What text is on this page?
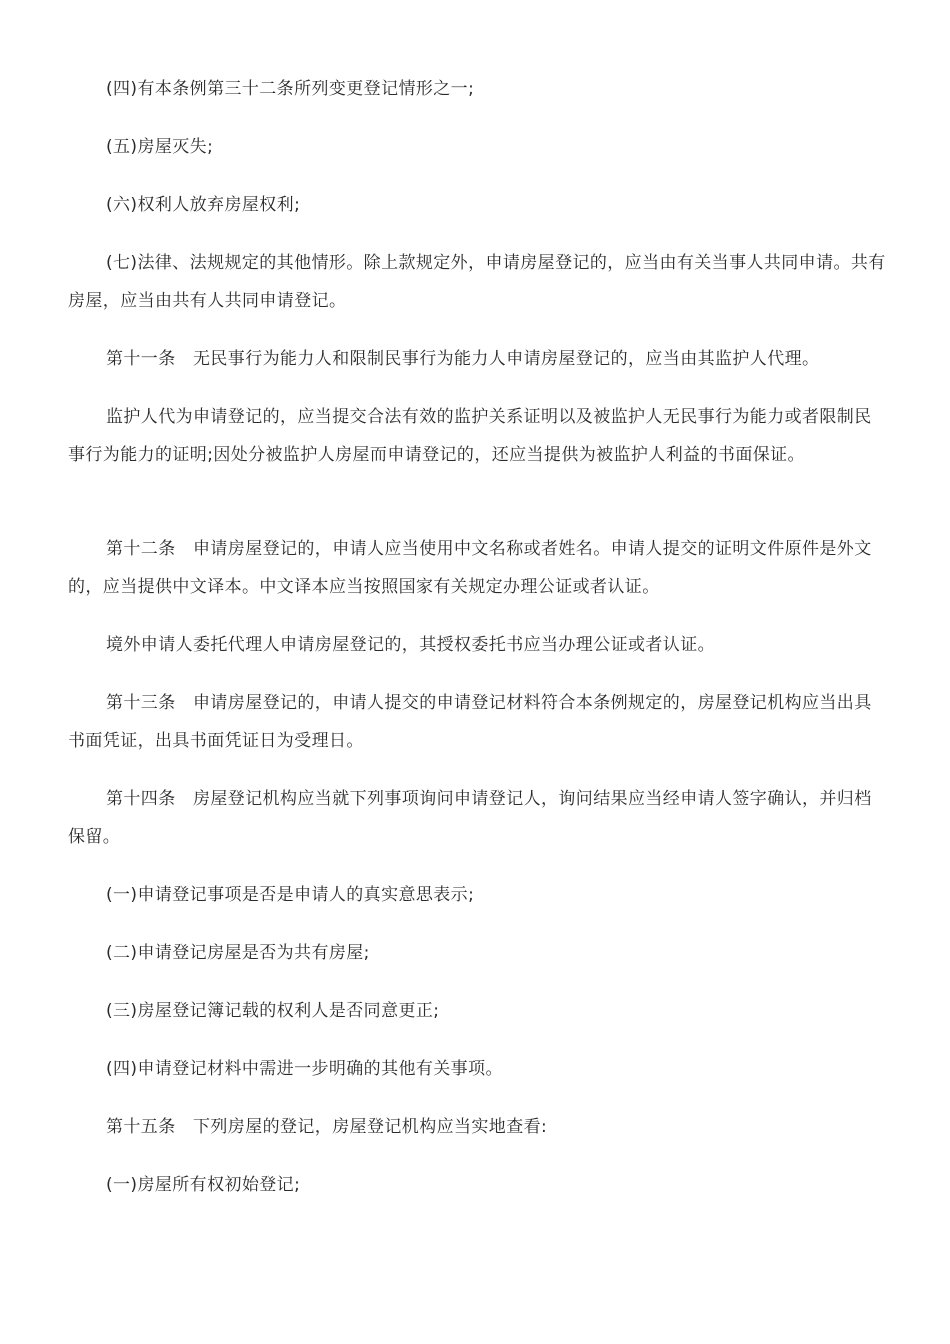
(四)有本条例第三十二条所列变更登记情形之一;

(五)房屋灭失;

(六)权利人放弃房屋权利;

(七)法律、法规规定的其他情形。除上款规定外，申请房屋登记的，应当由有关当事人共同申请。共有房屋，应当由共有人共同申请登记。

第十一条　无民事行为能力人和限制民事行为能力人申请房屋登记的，应当由其监护人代理。

监护人代为申请登记的，应当提交合法有效的监护关系证明以及被监护人无民事行为能力或者限制民事行为能力的证明;因处分被监护人房屋而申请登记的，还应当提供为被监护人利益的书面保证。

第十二条　申请房屋登记的，申请人应当使用中文名称或者姓名。申请人提交的证明文件原件是外文的，应当提供中文译本。中文译本应当按照国家有关规定办理公证或者认证。

境外申请人委托代理人申请房屋登记的，其授权委托书应当办理公证或者认证。

第十三条　申请房屋登记的，申请人提交的申请登记材料符合本条例规定的，房屋登记机构应当出具书面凭证，出具书面凭证日为受理日。

第十四条　房屋登记机构应当就下列事项询问申请登记人，询问结果应当经申请人签字确认，并归档保留。

(一)申请登记事项是否是申请人的真实意思表示;

(二)申请登记房屋是否为共有房屋;

(三)房屋登记簿记载的权利人是否同意更正;

(四)申请登记材料中需进一步明确的其他有关事项。

第十五条　下列房屋的登记，房屋登记机构应当实地查看:

(一)房屋所有权初始登记;
